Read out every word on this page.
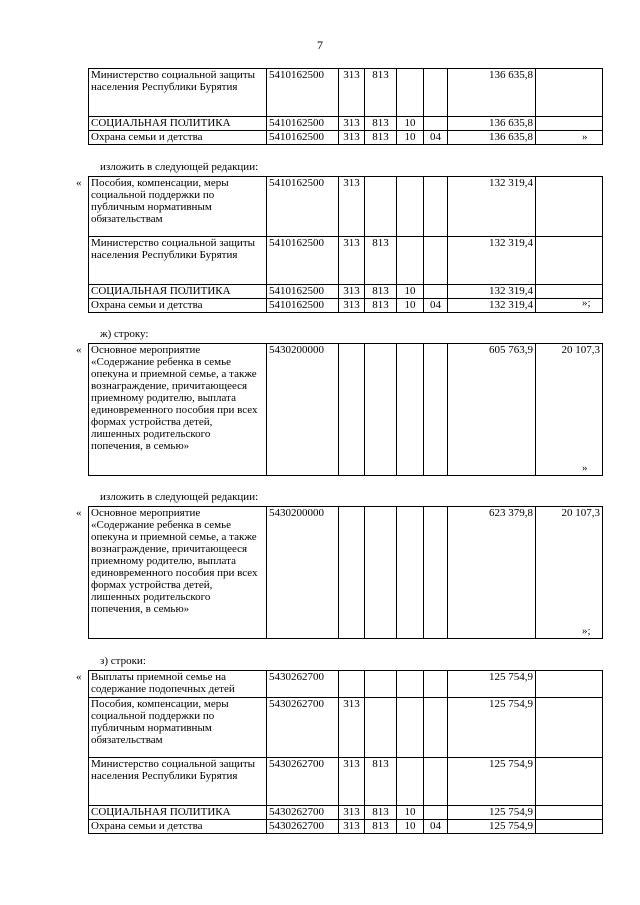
7
Министерство социальной защиты населения Республики Бурятия	5410162500	313	813			136 635,8	
СОЦИАЛЬНАЯ ПОЛИТИКА	5410162500	313	813	10		136 635,8	
Охрана семьи и детства	5410162500	313	813	10	04	136 635,8		»
изложить в следующей редакции:
« Пособия, компенсации, меры социальной поддержки по публичным нормативным обязательствам	5410162500	313				132 319,4	
Министерство социальной защиты населения Республики Бурятия	5410162500	313	813			132 319,4	
СОЦИАЛЬНАЯ ПОЛИТИКА	5410162500	313	813	10		132 319,4	
Охрана семьи и детства	5410162500	313	813	10	04	132 319,4		»;
ж) строку:
« Основное мероприятие «Содержание ребенка в семье опекуна и приемной семье, а также вознаграждение, причитающееся приемному родителю, выплата единовременного пособия при всех формах устройства детей, лишенных родительского попечения, в семью»	5430200000					605 763,9	20 107,3
»
изложить в следующей редакции:
« Основное мероприятие «Содержание ребенка в семье опекуна и приемной семье, а также вознаграждение, причитающееся приемному родителю, выплата единовременного пособия при всех формах устройства детей, лишенных родительского попечения, в семью»	5430200000					623 379,8	20 107,3
»;
з) строки:
« Выплаты приемной семье на содержание подопечных детей	5430262700					125 754,9	
Пособия, компенсации, меры социальной поддержки по публичным нормативным обязательствам	5430262700	313				125 754,9	
Министерство социальной защиты населения Республики Бурятия	5430262700	313	813			125 754,9	
СОЦИАЛЬНАЯ ПОЛИТИКА	5430262700	313	813	10		125 754,9	
Охрана семьи и детства	5430262700	313	813	10	04	125 754,9	
